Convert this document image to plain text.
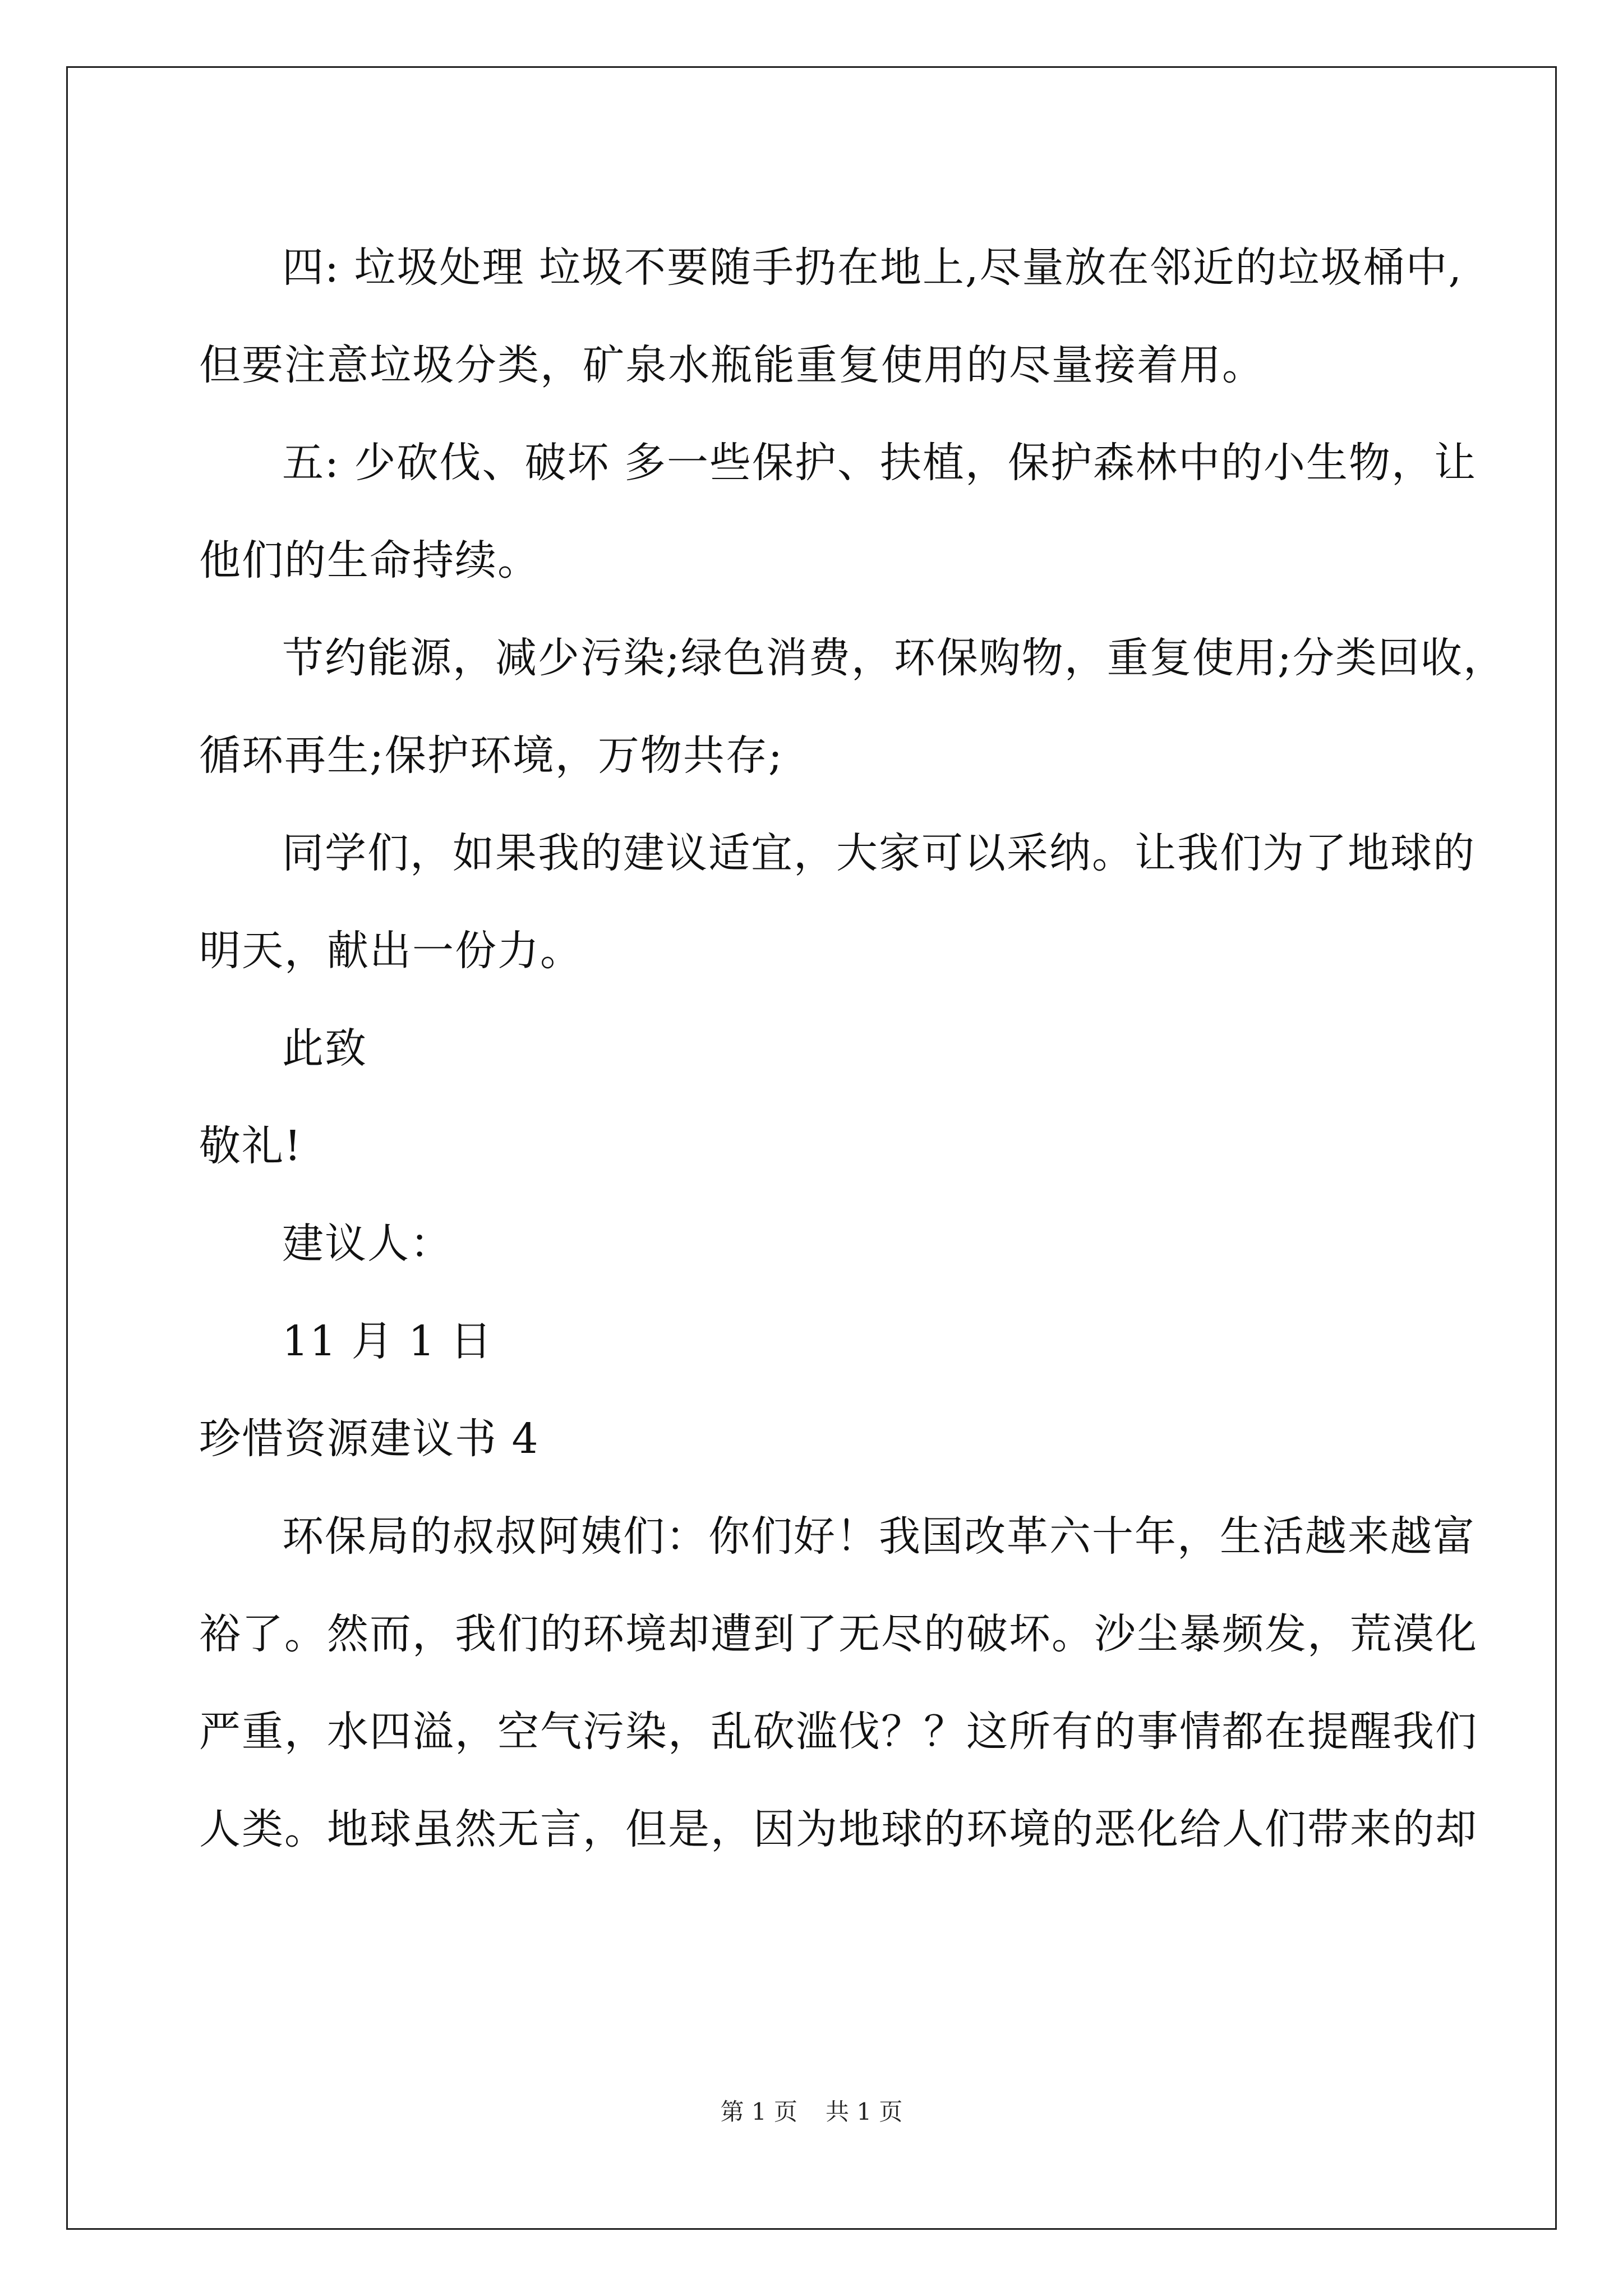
四: 垃圾处理 垃圾不要随手扔在地上,尽量放在邻近的垃圾桶中,
但要注意垃圾分类，矿泉水瓶能重复使用的尽量接着用。
五: 少砍伐、破坏 多一些保护、扶植，保护森林中的小生物，让
他们的生命持续。
节约能源，减少污染;绿色消费，环保购物，重复使用;分类回收，
循环再生;保护环境，万物共存;
同学们，如果我的建议适宜，大家可以采纳。让我们为了地球的
明天，献出一份力。
此致
敬礼!
建议人：
11 月 1 日
珍惜资源建议书 4
环保局的叔叔阿姨们：你们好！我国改革六十年，生活越来越富
裕了。然而，我们的环境却遭到了无尽的破坏。沙尘暴频发，荒漠化
严重，水四溢，空气污染，乱砍滥伐？？这所有的事情都在提醒我们
人类。地球虽然无言，但是，因为地球的环境的恶化给人们带来的却
第 1 页 共 1 页
